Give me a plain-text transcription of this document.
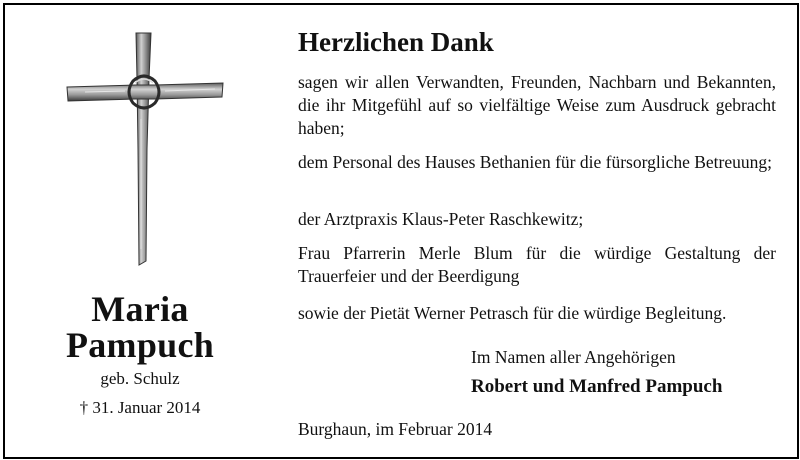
Maria
Pampuch
geb. Schulz
† 31. Januar 2014
Herzlichen Dank
sagen wir allen Verwandten, Freunden, Nachbarn und Bekannten, die ihr Mitgefühl auf so vielfältige Weise zum Ausdruck gebracht haben;
dem Personal des Hauses Bethanien für die fürsorgliche Betreuung;
der Arztpraxis Klaus-Peter Raschkewitz;
Frau Pfarrerin Merle Blum für die würdige Gestaltung der Trauerfeier und der Beerdigung
sowie der Pietät Werner Petrasch für die würdige Begleitung.
Im Namen aller Angehörigen
Robert und Manfred Pampuch
Burghaun, im Februar 2014
